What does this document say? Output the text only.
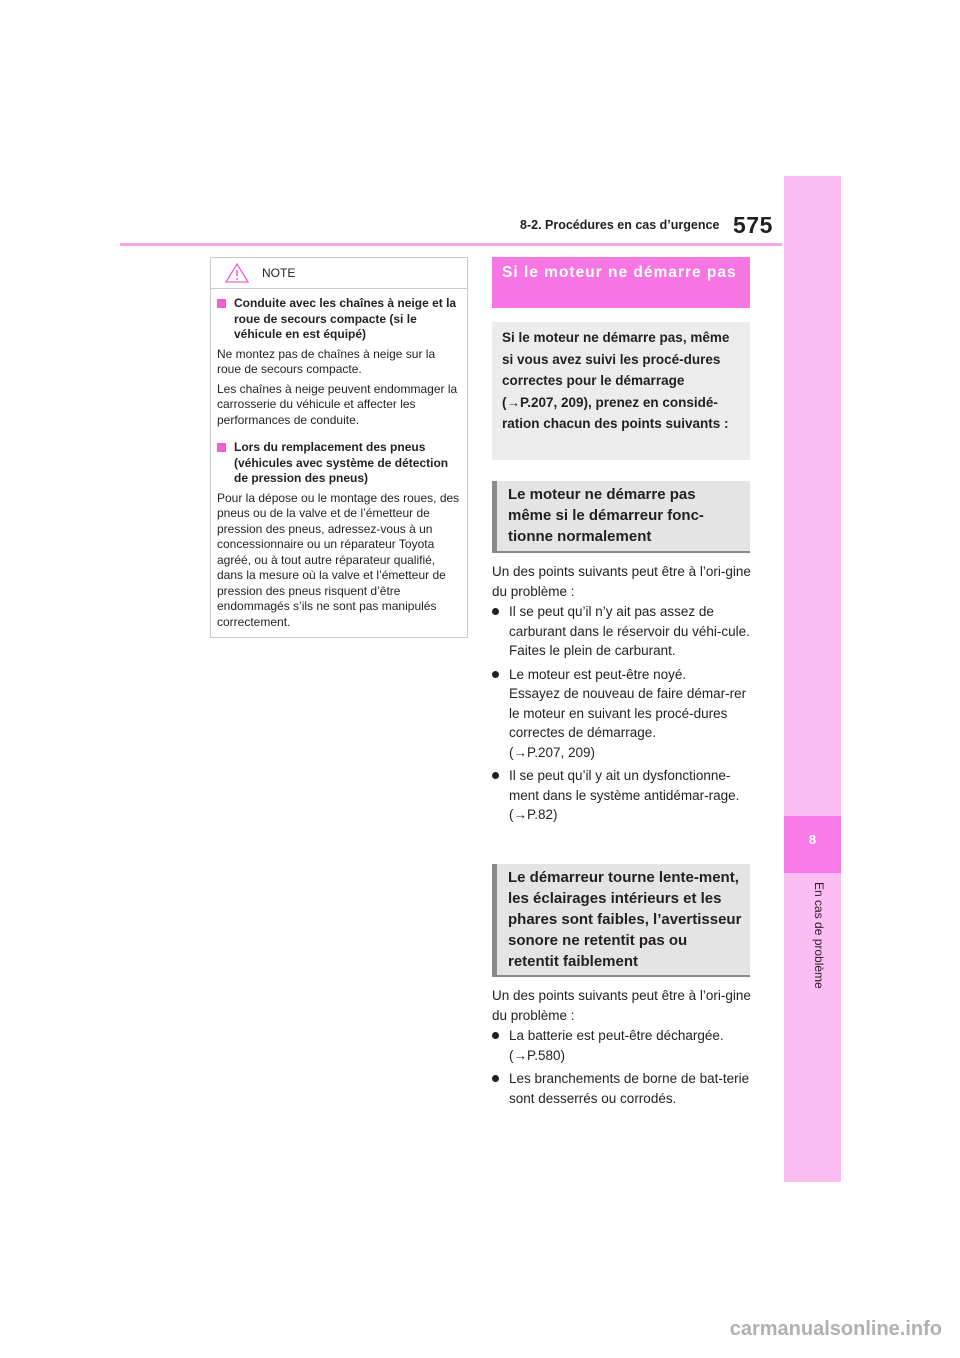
8-2. Procédures en cas d’urgence 575
8
En cas de problème
NOTE
Conduite avec les chaînes à neige et la roue de secours compacte (si le véhicule en est équipé)

Ne montez pas de chaînes à neige sur la roue de secours compacte.

Les chaînes à neige peuvent endommager la carrosserie du véhicule et affecter les performances de conduite.

Lors du remplacement des pneus (véhicules avec système de détection de pression des pneus)

Pour la dépose ou le montage des roues, des pneus ou de la valve et de l’émetteur de pression des pneus, adressez-vous à un concessionnaire ou un réparateur Toyota agréé, ou à tout autre réparateur qualifié, dans la mesure où la valve et l’émetteur de pression des pneus risquent d’être endommagés s’ils ne sont pas manipulés correctement.

Si le moteur ne démarre pas
Si le moteur ne démarre pas, même si vous avez suivi les procé-dures correctes pour le démarrage (→P.207, 209), prenez en considé-ration chacun des points suivants :
Le moteur ne démarre pas même si le démarreur fonc-tionne normalement
Un des points suivants peut être à l’ori-gine du problème :
Il se peut qu’il n’y ait pas assez de carburant dans le réservoir du véhi-cule.
Faites le plein de carburant.
Le moteur est peut-être noyé.
Essayez de nouveau de faire démar-rer le moteur en suivant les procé-dures correctes de démarrage.
(→P.207, 209)
Il se peut qu’il y ait un dysfonctionne-ment dans le système antidémar-rage. (→P.82)
Le démarreur tourne lente-ment, les éclairages intérieurs et les phares sont faibles, l’avertisseur sonore ne retentit pas ou retentit faiblement
Un des points suivants peut être à l’ori-gine du problème :
La batterie est peut-être déchargée.
(→P.580)
Les branchements de borne de bat-terie sont desserrés ou corrodés.
carmanualsonline.info
